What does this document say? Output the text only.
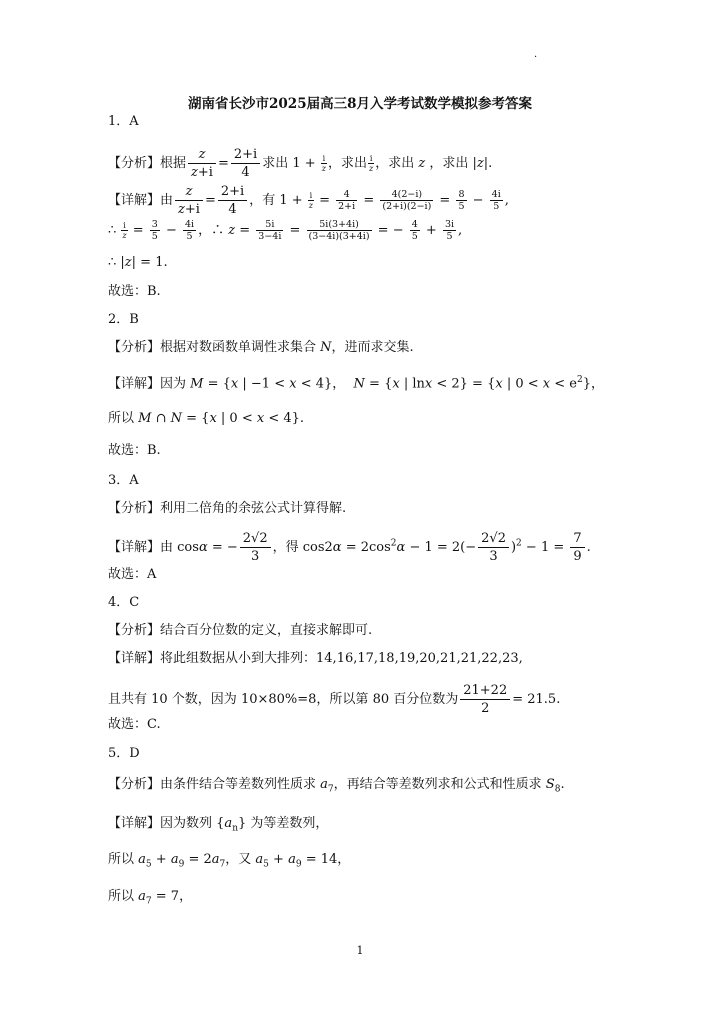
·
湖南省长沙市2025届高三8月入学考试数学模拟参考答案
1．A
【分析】根据 $\frac{z}{z+i} = \frac{2+i}{4}$ 求出 $1 + \frac{i}{z}$ ，求出 $\frac{i}{z}$ ，求出 z ，求出 |z|.
【详解】由 $\frac{z}{z+i} = \frac{2+i}{4}$ ，有 $1 + \frac{i}{z} = \frac{4}{2+i} = \frac{4(2-i)}{(2+i)(2-i)} = \frac{8}{5} - \frac{4i}{5}$ ,
∴ $\frac{i}{z} = \frac{3}{5} - \frac{4i}{5}$ ，∴ $z = \frac{5i}{3-4i} = \frac{5i(3+4i)}{(3-4i)(3+4i)}$ = − $\frac{4}{5} + \frac{3i}{5}$ ,
∴ |z| = 1.
故选：B.
2．B
【分析】根据对数函数单调性求集合 N，进而求交集.
【详解】因为 M = {x | −1 < x < 4}，  N = {x | lnx < 2} = {x | $0 < x < e^2$}，
所以 M ∩ N = {x | 0 < x < 4}.
故选：B.
3．A
【分析】利用二倍角的余弦公式计算得解.
【详解】由 cosα = − $\frac{2√2}{3}$ ，得 $\cos 2\alpha = 2\cos^2\alpha - 1 = 2(- \frac{2√2}{3} )^2 - 1 = \frac{7}{9}$ .
故选：A
4．C
【分析】结合百分位数的定义，直接求解即可.
【详解】将此组数据从小到大排列：14,16,17,18,19,20,21,21,22,23,
且共有 10 个数，因为 10×80%=8，所以第 80 百分位数为 $\frac{21+22}{2} = 21.5$.
故选：C.
5．D
【分析】由条件结合等差数列性质求 $a_7$，再结合等差数列求和公式和性质求 $S_8$.
【详解】因为数列 $\{a_n\}$ 为等差数列，
所以 $a_5 + a_9 = 2a_7$，又 $a_5 + a_9 = 14$，
所以 $a_7 = 7$，
1
